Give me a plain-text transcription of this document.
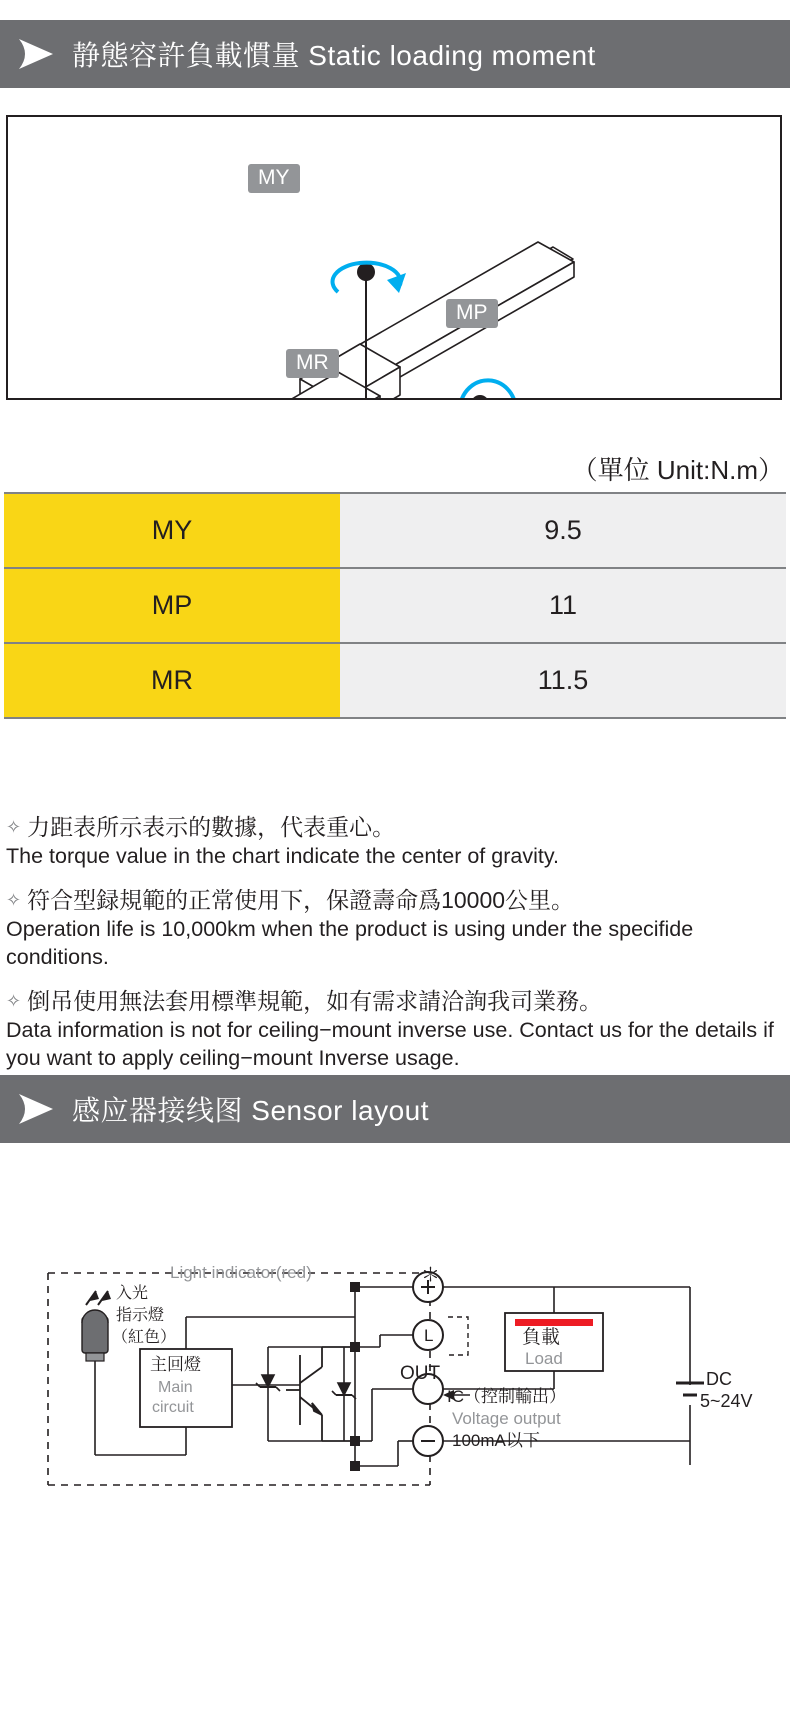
静態容許負載慣量 Static loading moment
MY
MP
MR
（單位 Unit:N.m）
MY	9.5
MP	11
MR	11.5
✧ 力距表所示表示的數據，代表重心。
The torque value in the chart indicate the center of gravity.
✧ 符合型録規範的正常使用下，保證壽命爲10000公里。
Operation life is 10,000km when the product is using under the specifide conditions.
✧ 倒吊使用無法套用標準規範，如有需求請洽詢我司業務。
Data information is not for ceiling−mount inverse use. Contact us for the details if you want to apply ceiling−mount Inverse usage.
感应器接线图 Sensor layout
Light indicator(red)
入光
指示燈
（紅色）
主回燈
Main
circuit
＊
L
OUT
IC（控制輸出）
Voltage output
100mA以下
負載
Load
DC
5~24V
